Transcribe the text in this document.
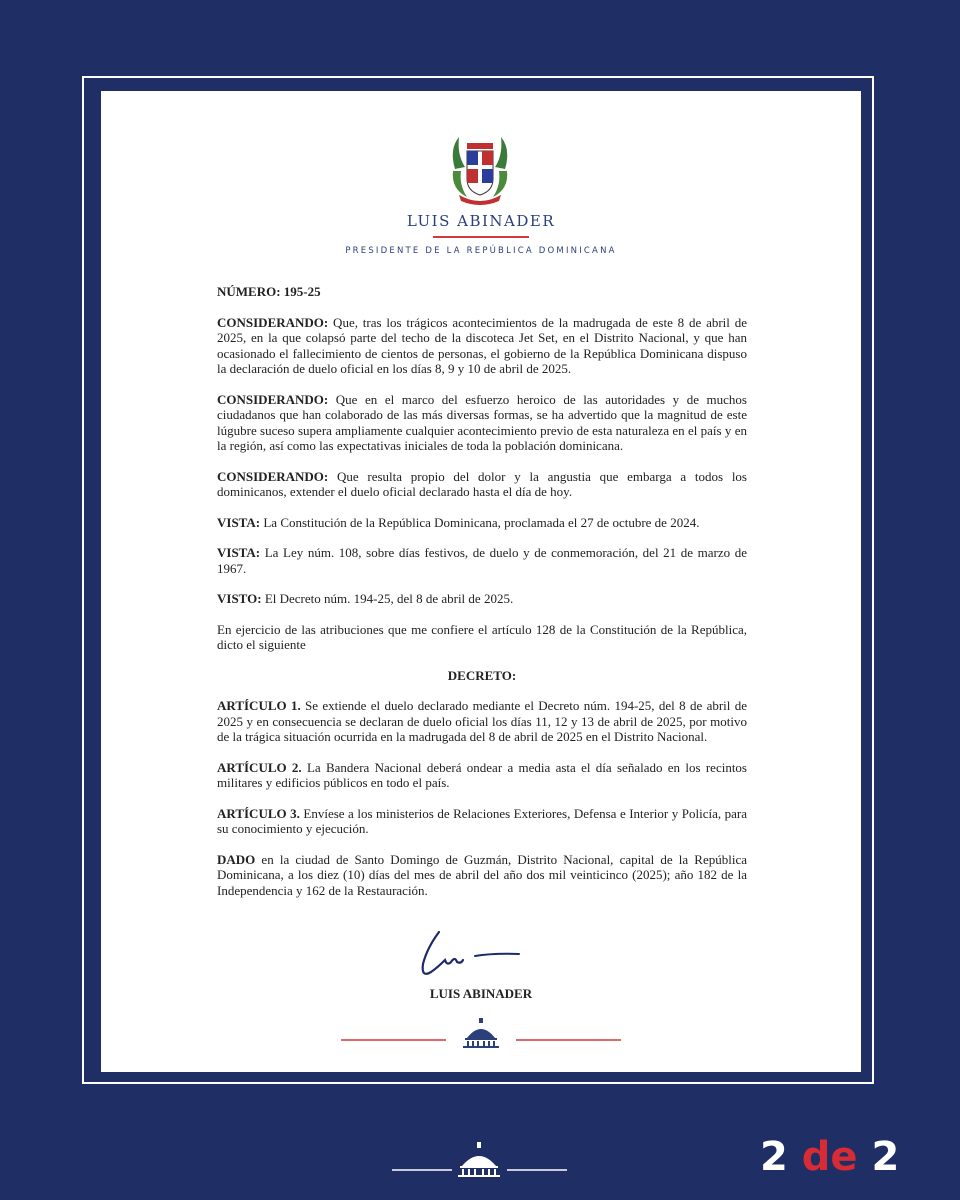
LUIS ABINADER
PRESIDENTE DE LA REPÚBLICA DOMINICANA

NÚMERO: 195-25

CONSIDERANDO: Que, tras los trágicos acontecimientos de la madrugada de este 8 de abril de 2025, en la que colapsó parte del techo de la discoteca Jet Set, en el Distrito Nacional, y que han ocasionado el fallecimiento de cientos de personas, el gobierno de la República Dominicana dispuso la declaración de duelo oficial en los días 8, 9 y 10 de abril de 2025.

CONSIDERANDO: Que en el marco del esfuerzo heroico de las autoridades y de muchos ciudadanos que han colaborado de las más diversas formas, se ha advertido que la magnitud de este lúgubre suceso supera ampliamente cualquier acontecimiento previo de esta naturaleza en el país y en la región, así como las expectativas iniciales de toda la población dominicana.

CONSIDERANDO: Que resulta propio del dolor y la angustia que embarga a todos los dominicanos, extender el duelo oficial declarado hasta el día de hoy.

VISTA: La Constitución de la República Dominicana, proclamada el 27 de octubre de 2024.

VISTA: La Ley núm. 108, sobre días festivos, de duelo y de conmemoración, del 21 de marzo de 1967.

VISTO: El Decreto núm. 194-25, del 8 de abril de 2025.

En ejercicio de las atribuciones que me confiere el artículo 128 de la Constitución de la República, dicto el siguiente

DECRETO:

ARTÍCULO 1. Se extiende el duelo declarado mediante el Decreto núm. 194-25, del 8 de abril de 2025 y en consecuencia se declaran de duelo oficial los días 11, 12 y 13 de abril de 2025, por motivo de la trágica situación ocurrida en la madrugada del 8 de abril de 2025 en el Distrito Nacional.

ARTÍCULO 2. La Bandera Nacional deberá ondear a media asta el día señalado en los recintos militares y edificios públicos en todo el país.

ARTÍCULO 3. Envíese a los ministerios de Relaciones Exteriores, Defensa e Interior y Policía, para su conocimiento y ejecución.

DADO en la ciudad de Santo Domingo de Guzmán, Distrito Nacional, capital de la República Dominicana, a los diez (10) días del mes de abril del año dos mil veinticinco (2025); año 182 de la Independencia y 162 de la Restauración.

LUIS ABINADER
2 de 2
